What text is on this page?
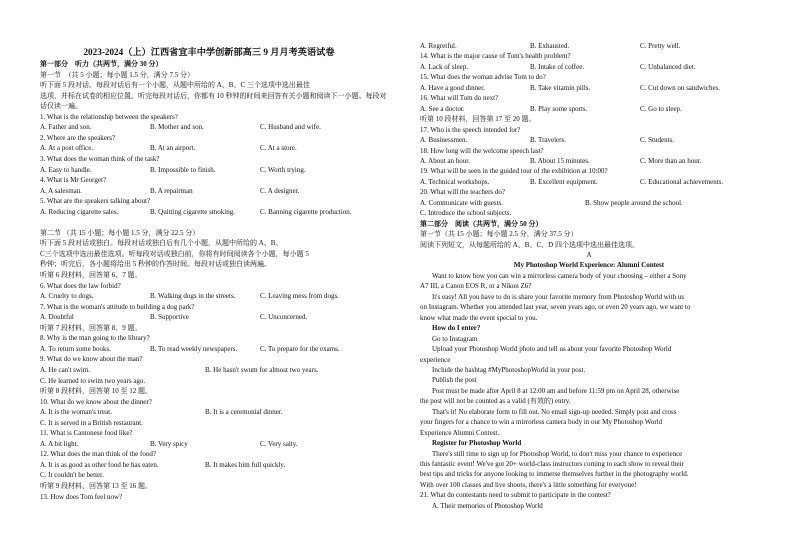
2023-2024（上）江西省宜丰中学创新部高三 9 月月考英语试卷
第一部分　听力（共两节，满分 30 分）
第一节　（共 5 小题；每小题 1.5 分，满分 7.5 分）
听下面 5 段对话。每段对话后有一个小题，从题中所给的 A、B、C 三个选项中选出最佳
选项，并标在试卷的相应位置。听完每段对话后，你都有 10 秒钟的时间来回答有关小题和阅读下一小题。每段对
话仅读一遍。
1. What is the relationship between the speakers?
A. Father and son.	B. Mother and son.	C. Husband and wife.
2. Where are the speakers?
A. At a post office.	B. At an airport.	C. At a store.
3. What does the woman think of the task?
A. Easy to handle.	B. Impossible to finish.	C. Worth trying.
4. What is Mr Georget?
A. A salesman.	B. A repairman	C. A designer.
5. What are the speakers talking about?
A. Reducing cigarette sales.	B. Quitting cigarette smoking.	C. Banning cigarette production.
第二节 （共 15 小题；每小题 1.5 分，满分 22.5 分）
听下面 5 段对话或独白。每段对话或独白后有几个小题，从题中所给的 A、B、
C三个选项中选出最佳选项。听每段对话或独白前，你将有时间阅读各个小题，每小题 5
秒钟；听完后，各小题将给出 5 秒钟的作答时间。每段对话或独白读两遍。
听第 6 段材料，回答第 6、7 题。
6. What does the law forbid?
A. Cruelty to dogs.	B. Walking dogs in the streets.	C. Leaving mess from dogs.
7. What is the woman's attitude to building a dog park?
A. Doubtful	B. Supportive	C. Unconcerned.
听第 7 段材料，回答第 8、9 题。
8. Why is the man going to the library?
A. To return some books.	B. To read weekly newspapers.	C. To prepare for the exams.
9. What do we know about the man?
A. He can't swim.	B. He hasn't swum for almost two years.
C. He learned to swim two years ago.
听第 8 段材料，回答第 10 至 12 题。
10. What do we know about the dinner?
A. It is the woman's treat.	B. It is a ceremonial dinner.
C. It is served in a British restaurant.
11. What is Cantonese food like?
A. A bit light.	B. Very spicy	C. Very salty.
12. What does the man think of the food?
A. It is as good as other food he has eaten.	B. It makes him full quickly.
C. It couldn't be better.
听第 9 段材料，回答第 13 至 16 题。
13. How does Tom feel now?
A. Regretful.	B. Exhausted.	C. Pretty well.
14. What is the major cause of Tom's health problem?
A. Lack of sleep.	B. Intake of coffee.	C. Unbalanced diet.
15. What does the woman advise Tom to do?
A. Have a good dinner.	B. Take vitamin pills.	C. Cut down on sandwiches.
16. What will Tom do next?
A. See a doctor.	B. Play some sports.	C. Go to sleep.
听第 10 段材料，回答第 17 至 20 题。
17. Who is the speech intended for?
A. Businessmen.	B. Travelers.	C. Students.
18. How long will the welcome speech last?
A. About an hour.	B. About 15 minutes.	C. More than an hour.
19. What will be seen in the guided tour of the exhibition at 10:00?
A. Technical workshops.	B. Excellent equipment.	C. Educational achievements.
20. What will the teachers do?
A. Communicate with guests.	B. Show people around the school.
C. Introduce the school subjects.
第二部分　阅读（共两节，满分 50 分）
第一节（共 15 小题；每小题 2.5 分，满分 37.5 分）
阅读下列短文，从每题所给的 A、B、C、D 四个选项中选出最佳选项。
A
My Photoshop World Experience: Alumni Contest
Want to know how you can win a mirrorless camera body of your choosing – either a Sony
A7 III, a Canon EOS R, or a Nikon Z6?
It's easy! All you have to do is share your favorite memory from Photoshop World with us
on Instagram. Whether you attended last year, seven years ago, or even 20 years ago, we want to
know what made the event special to you.
How do I enter?
Go to Instagram
Upload your Photoshop World photo and tell us about your favorite Photoshop World
experience
Include the hashtag #MyPhotoshopWorld in your post.
Publish the post
Post must be made after April 8 at 12:00 am and before 11:59 pm on April 28, otherwise
the post will not be counted as a valid (有效的) entry.
That's it! No elaborate form to fill out. No email sign-up needed. Simply post and cross
your fingers for a chance to win a mirrorless camera body in our My Photoshop World
Experience Alumni Contest.
Register for Photoshop World
There's still time to sign up for Photoshop World, to don't miss your chance to experience
this fantastic event! We've got 20+ world-class instructors coming to each show to reveal their
best tips and tricks for anyone looking to immerse themselves further in the photography world.
With over 100 classes and live shoots, there's a little something for everyone!
21. What do contestants need to submit to participate in the contest?
A. Their memories of Photoshop World
